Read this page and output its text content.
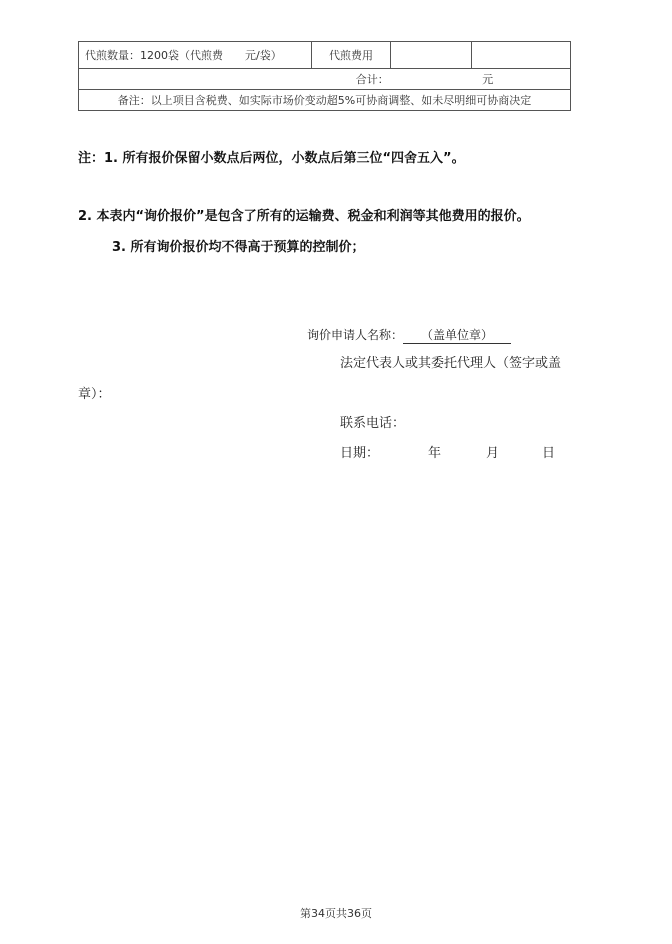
代煎数量：1200袋（代煎费　　元/袋）	代煎费用		
合计：	元
备注：以上项目含税费、如实际市场价变动超5%可协商调整、如未尽明细可协商决定
注：1. 所有报价保留小数点后两位，小数点后第三位“四舍五入”。
2. 本表内“询价报价”是包含了所有的运输费、税金和利润等其他费用的报价。
3. 所有询价报价均不得高于预算的控制价；
询价申请人名称： （盖单位章）
法定代表人或其委托代理人（签字或盖
章）：
联系电话：
日期：	年	月	日
第34页共36页
